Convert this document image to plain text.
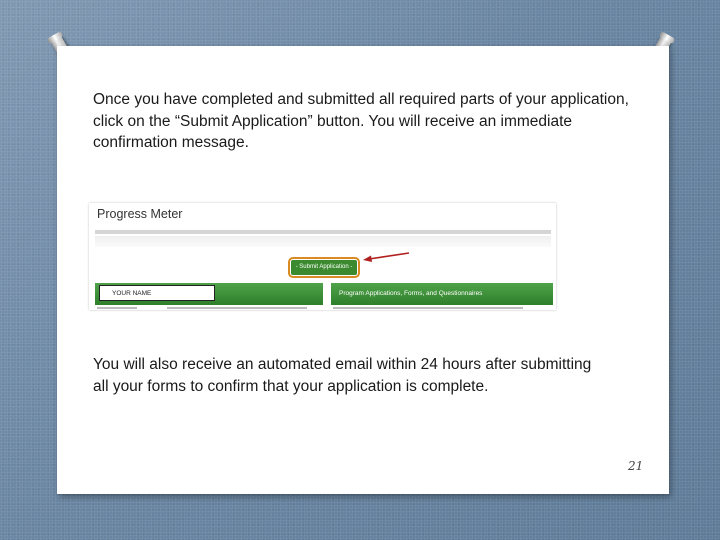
Once you have completed and submitted all required parts of your application, click on the “Submit Application” button. You will receive an immediate confirmation message.

Progress Meter
- Submit Application -
YOUR NAME	Program Applications, Forms, and Questionnaires

You will also receive an automated email within 24 hours after submitting all your forms to confirm that your application is complete.

21
